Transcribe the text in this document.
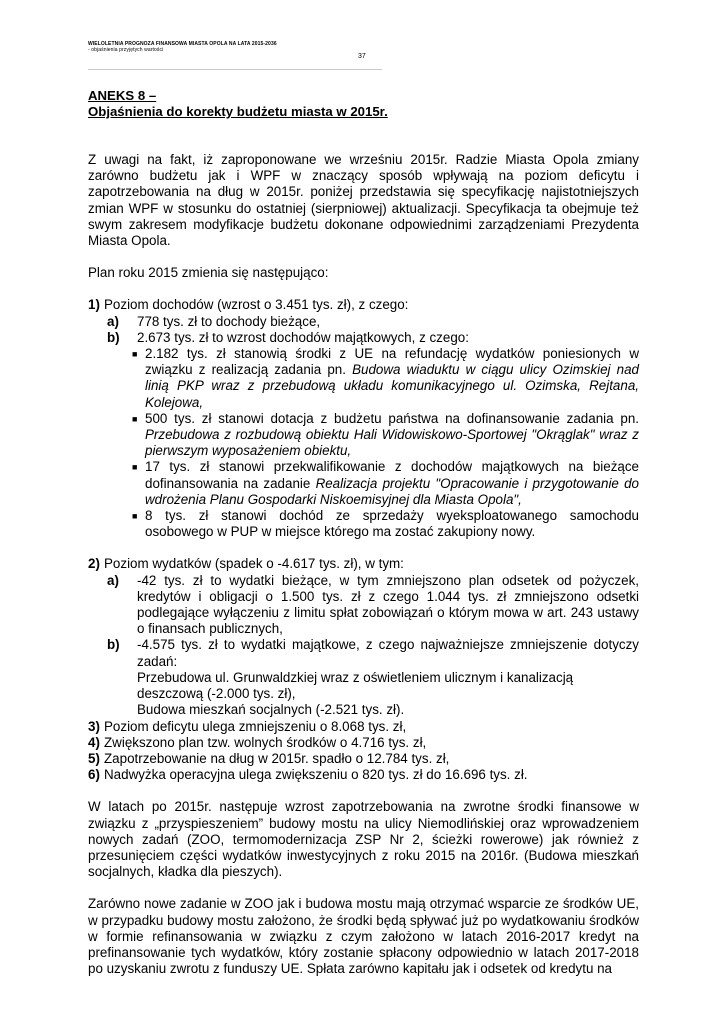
WIELOLETNIA PROGNOZA FINANSOWA MIASTA OPOLA NA LATA 2015-2036
- objaśnienia przyjętych wartości
37
ANEKS 8 –
Objaśnienia do korekty budżetu miasta w 2015r.

Z uwagi na fakt, iż zaproponowane we wrześniu 2015r. Radzie Miasta Opola zmiany zarówno budżetu jak i WPF w znaczący sposób wpływają na poziom deficytu i zapotrzebowania na dług w 2015r. poniżej przedstawia się specyfikację najistotniejszych zmian WPF w stosunku do ostatniej (sierpniowej) aktualizacji. Specyfikacja ta obejmuje też swym zakresem modyfikacje budżetu dokonane odpowiednimi zarządzeniami Prezydenta Miasta Opola.

Plan roku 2015 zmienia się następująco:

1) Poziom dochodów (wzrost o 3.451 tys. zł), z czego:
a)	778 tys. zł to dochody bieżące,
b)	2.673 tys. zł to wzrost dochodów majątkowych, z czego:
■ 2.182 tys. zł stanowią środki z UE na refundację wydatków poniesionych w związku z realizacją zadania pn. Budowa wiaduktu w ciągu ulicy Ozimskiej nad linią PKP wraz z przebudową układu komunikacyjnego ul. Ozimska, Rejtana, Kolejowa,
■ 500 tys. zł stanowi dotacja z budżetu państwa na dofinansowanie zadania pn. Przebudowa z rozbudową obiektu Hali Widowiskowo-Sportowej "Okrąglak" wraz z pierwszym wyposażeniem obiektu,
■ 17 tys. zł stanowi przekwalifikowanie z dochodów majątkowych na bieżące dofinansowania na zadanie Realizacja projektu "Opracowanie i przygotowanie do wdrożenia Planu Gospodarki Niskoemisyjnej dla Miasta Opola",
■ 8 tys. zł stanowi dochód ze sprzedaży wyeksploatowanego samochodu osobowego w PUP w miejsce którego ma zostać zakupiony nowy.
2) Poziom wydatków (spadek o -4.617 tys. zł), w tym:
a)	-42 tys. zł to wydatki bieżące, w tym zmniejszono plan odsetek od pożyczek, kredytów i obligacji o 1.500 tys. zł z czego 1.044 tys. zł zmniejszono odsetki podlegające wyłączeniu z limitu spłat zobowiązań o którym mowa w art. 243 ustawy o finansach publicznych,
b) -4.575 tys. zł to wydatki majątkowe, z czego najważniejsze zmniejszenie dotyczy zadań:
Przebudowa ul. Grunwaldzkiej wraz z oświetleniem ulicznym i kanalizacją deszczową (-2.000 tys. zł),
Budowa mieszkań socjalnych (-2.521 tys. zł).
3) Poziom deficytu ulega zmniejszeniu o 8.068 tys. zł,
4) Zwiększono plan tzw. wolnych środków o 4.716 tys. zł,
5) Zapotrzebowanie na dług w 2015r. spadło o 12.784 tys. zł,
6) Nadwyżka operacyjna ulega zwiększeniu o 820 tys. zł do 16.696 tys. zł.

W latach po 2015r. następuje wzrost zapotrzebowania na zwrotne środki finansowe w związku z „przyspieszeniem” budowy mostu na ulicy Niemodlińskiej oraz wprowadzeniem nowych zadań (ZOO, termomodernizacja ZSP Nr 2, ścieżki rowerowe) jak również z przesunięciem części wydatków inwestycyjnych z roku 2015 na 2016r. (Budowa mieszkań socjalnych, kładka dla pieszych).

Zarówno nowe zadanie w ZOO jak i budowa mostu mają otrzymać wsparcie ze środków UE, w przypadku budowy mostu założono, że środki będą spływać już po wydatkowaniu środków w formie refinansowania w związku z czym założono w latach 2016-2017 kredyt na prefinansowanie tych wydatków, który zostanie spłacony odpowiednio w latach 2017-2018 po uzyskaniu zwrotu z funduszy UE. Spłata zarówno kapitału jak i odsetek od kredytu na
